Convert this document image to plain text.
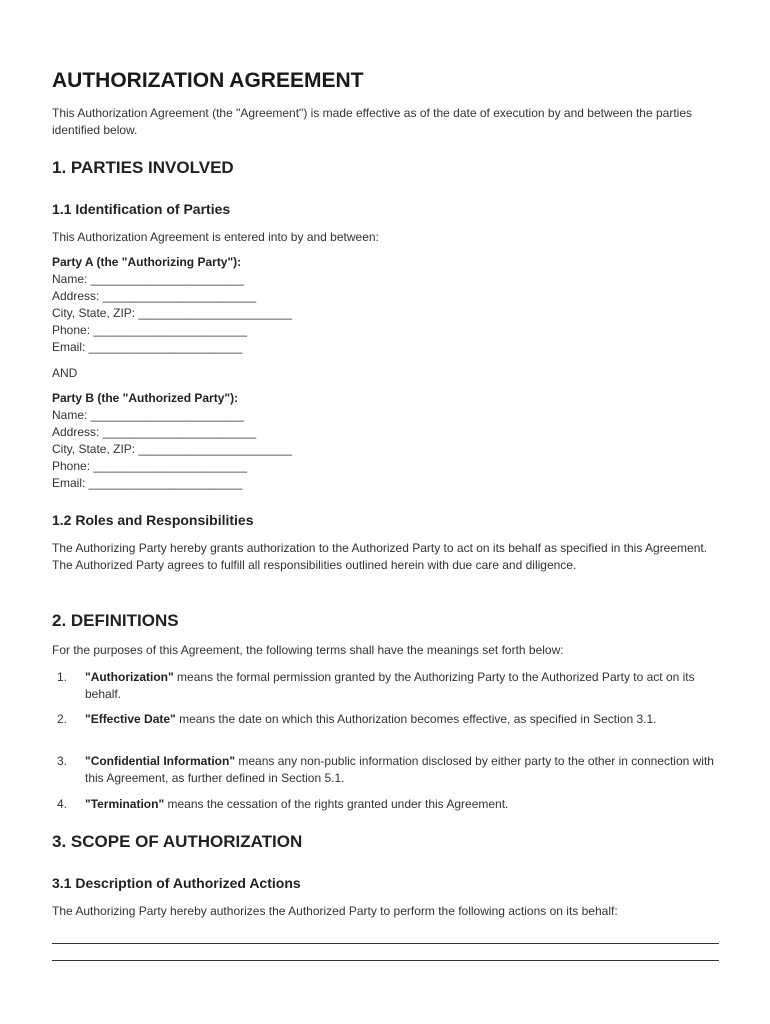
AUTHORIZATION AGREEMENT

This Authorization Agreement (the "Agreement") is made effective as of the date of execution by and between the parties identified below.

1. PARTIES INVOLVED
1.1 Identification of Parties

This Authorization Agreement is entered into by and between:

Party A (the "Authorizing Party"):
Name: _______________________
Address: _______________________
City, State, ZIP: _______________________
Phone: _______________________
Email: _______________________
AND
Party B (the "Authorized Party"):
Name: _______________________
Address: _______________________
City, State, ZIP: _______________________
Phone: _______________________
Email: _______________________
1.2 Roles and Responsibilities

The Authorizing Party hereby grants authorization to the Authorized Party to act on its behalf as specified in this Agreement. The Authorized Party agrees to fulfill all responsibilities outlined herein with due care and diligence.

2. DEFINITIONS

For the purposes of this Agreement, the following terms shall have the meanings set forth below:

1. "Authorization" means the formal permission granted by the Authorizing Party to the Authorized Party to act on its behalf.
2. "Effective Date" means the date on which this Authorization becomes effective, as specified in Section 3.1.
3. "Confidential Information" means any non-public information disclosed by either party to the other in connection with this Agreement, as further defined in Section 5.1.
4. "Termination" means the cessation of the rights granted under this Agreement.
3. SCOPE OF AUTHORIZATION
3.1 Description of Authorized Actions

The Authorizing Party hereby authorizes the Authorized Party to perform the following actions on its behalf:
